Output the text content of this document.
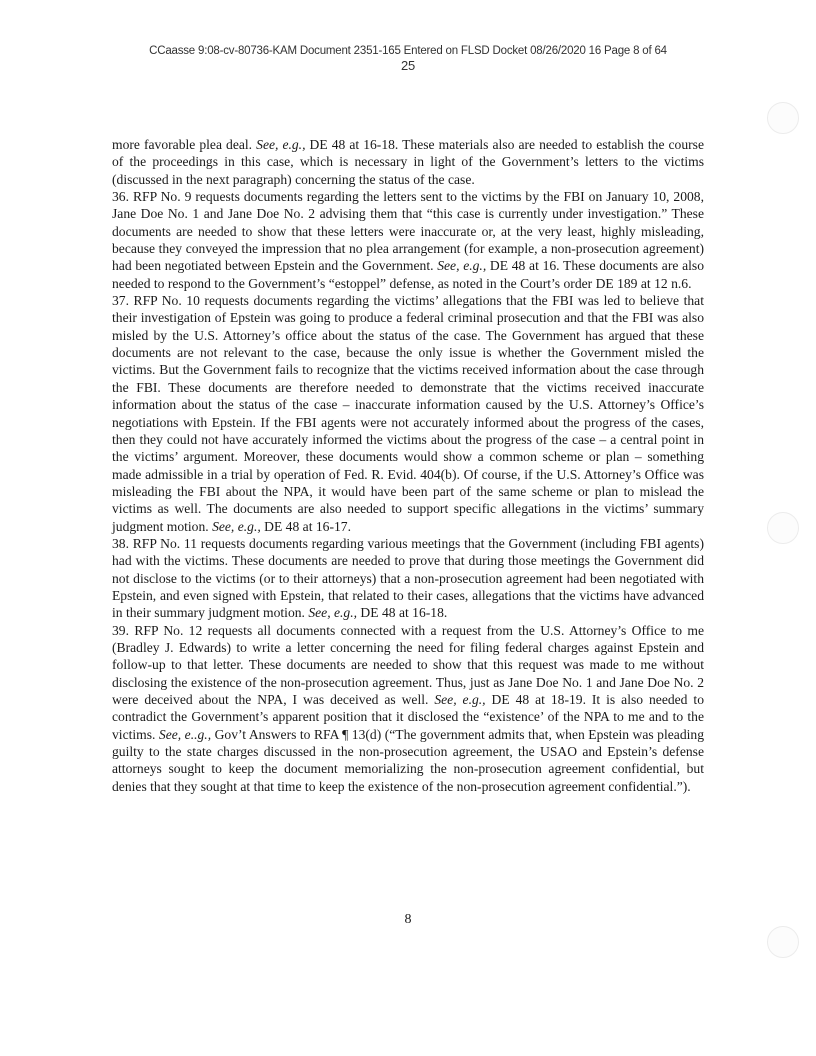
CCaasse 9:08-cv-80736-KAM Document 2351-165 Entered on FLSD Docket 08/26/2020 16 Page 8 of 64
25

more favorable plea deal. See, e.g., DE 48 at 16-18. These materials also are needed to establish the course of the proceedings in this case, which is necessary in light of the Government’s letters to the victims (discussed in the next paragraph) concerning the status of the case.

36. RFP No. 9 requests documents regarding the letters sent to the victims by the FBI on January 10, 2008, Jane Doe No. 1 and Jane Doe No. 2 advising them that “this case is currently under investigation.” These documents are needed to show that these letters were inaccurate or, at the very least, highly misleading, because they conveyed the impression that no plea arrangement (for example, a non-prosecution agreement) had been negotiated between Epstein and the Government. See, e.g., DE 48 at 16. These documents are also needed to respond to the Government’s “estoppel” defense, as noted in the Court’s order DE 189 at 12 n.6.

37. RFP No. 10 requests documents regarding the victims’ allegations that the FBI was led to believe that their investigation of Epstein was going to produce a federal criminal prosecution and that the FBI was also misled by the U.S. Attorney’s office about the status of the case. The Government has argued that these documents are not relevant to the case, because the only issue is whether the Government misled the victims. But the Government fails to recognize that the victims received information about the case through the FBI. These documents are therefore needed to demonstrate that the victims received inaccurate information about the status of the case – inaccurate information caused by the U.S. Attorney’s Office’s negotiations with Epstein. If the FBI agents were not accurately informed about the progress of the cases, then they could not have accurately informed the victims about the progress of the case – a central point in the victims’ argument. Moreover, these documents would show a common scheme or plan – something made admissible in a trial by operation of Fed. R. Evid. 404(b). Of course, if the U.S. Attorney’s Office was misleading the FBI about the NPA, it would have been part of the same scheme or plan to mislead the victims as well. The documents are also needed to support specific allegations in the victims’ summary judgment motion. See, e.g., DE 48 at 16-17.

38. RFP No. 11 requests documents regarding various meetings that the Government (including FBI agents) had with the victims. These documents are needed to prove that during those meetings the Government did not disclose to the victims (or to their attorneys) that a non-prosecution agreement had been negotiated with Epstein, and even signed with Epstein, that related to their cases, allegations that the victims have advanced in their summary judgment motion. See, e.g., DE 48 at 16-18.

39. RFP No. 12 requests all documents connected with a request from the U.S. Attorney’s Office to me (Bradley J. Edwards) to write a letter concerning the need for filing federal charges against Epstein and follow-up to that letter. These documents are needed to show that this request was made to me without disclosing the existence of the non-prosecution agreement. Thus, just as Jane Doe No. 1 and Jane Doe No. 2 were deceived about the NPA, I was deceived as well. See, e.g., DE 48 at 18-19. It is also needed to contradict the Government’s apparent position that it disclosed the “existence’ of the NPA to me and to the victims. See, e..g., Gov’t Answers to RFA ¶ 13(d) (“The government admits that, when Epstein was pleading guilty to the state charges discussed in the non-prosecution agreement, the USAO and Epstein’s defense attorneys sought to keep the document memorializing the non-prosecution agreement confidential, but denies that they sought at that time to keep the existence of the non-prosecution agreement confidential.”).

8
